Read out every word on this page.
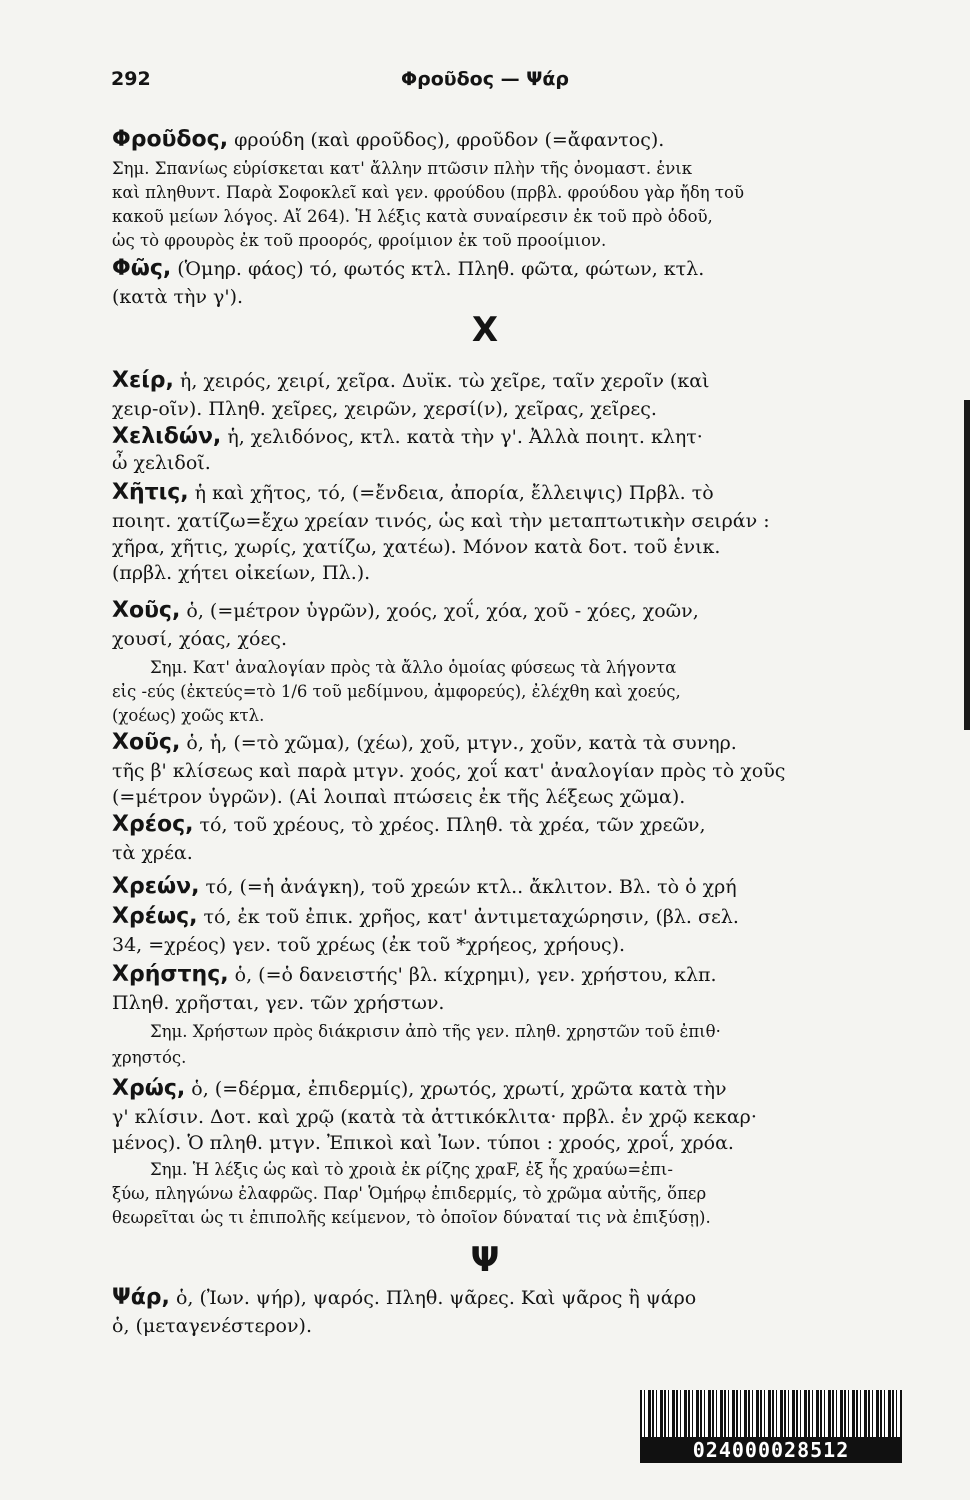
292	Φροῦδος — Ψάρ
X
Ψ
Φροῦδος, φρούδη (καὶ φροῦδος), φροῦδον (=ἄφαντος).
Σημ. Σπανίως εὑρίσκεται κατ' ἄλλην πτῶσιν πλὴν τῆς ὀνομαστ. ἑνικ
καὶ πληθυντ. Παρὰ Σοφοκλεῖ καὶ γεν. φρούδου (πρβλ. φρούδου γὰρ ἤδη τοῦ
κακοῦ μείων λόγος. Αἴ 264). Ἡ λέξις κατὰ συναίρεσιν ἐκ τοῦ πρὸ ὁδοῦ,
ὡς τὸ φρουρὸς ἐκ τοῦ προορός, φροίμιον ἐκ τοῦ προοίμιον.
Φῶς, (Ὁμηρ. φάος) τό, φωτός κτλ. Πληθ. φῶτα, φώτων, κτλ.
(κατὰ τὴν γ').
Χείρ, ἡ, χειρός, χειρί, χεῖρα. Δυϊκ. τὼ χεῖρε, ταῖν χεροῖν (καὶ
χειρ-οῖν). Πληθ. χεῖρες, χειρῶν, χερσί(ν), χεῖρας, χεῖρες.
Χελιδών, ἡ, χελιδόνος, κτλ. κατὰ τὴν γ'. Ἀλλὰ ποιητ. κλητ·
ὦ χελιδοῖ.
Χῆτις, ἡ καὶ χῆτος, τό, (=ἔνδεια, ἀπορία, ἔλλειψις) Πρβλ. τὸ
ποιητ. χατίζω=ἔχω χρείαν τινός, ὡς καὶ τὴν μεταπτωτικὴν σειράν :
χῆρα, χῆτις, χωρίς, χατίζω, χατέω). Μόνον κατὰ δοτ. τοῦ ἑνικ.
(πρβλ. χήτει οἰκείων, Πλ.).
Χοῦς, ὁ, (=μέτρον ὑγρῶν), χοός, χοΐ, χόα, χοῦ - χόες, χοῶν,
χουσί, χόας, χόες.
Σημ. Κατ' ἀναλογίαν πρὸς τὰ ἄλλο ὁμοίας φύσεως τὰ λήγοντα
εἰς -εύς (ἐκτεύς=τὸ 1/6 τοῦ μεδίμνου, ἀμφορεύς), ἐλέχθη καὶ χοεύς,
(χοέως) χοῶς κτλ.
Χοῦς, ὁ, ἡ, (=τὸ χῶμα), (χέω), χοῦ, μτγν., χοῦν, κατὰ τὰ συνηρ.
τῆς β' κλίσεως καὶ παρὰ μτγν. χοός, χοΐ κατ' ἀναλογίαν πρὸς τὸ χοῦς
(=μέτρον ὑγρῶν). (Αἱ λοιπαὶ πτώσεις ἐκ τῆς λέξεως χῶμα).
Χρέος, τό, τοῦ χρέους, τὸ χρέος. Πληθ. τὰ χρέα, τῶν χρεῶν,
τὰ χρέα.
Χρεών, τό, (=ἡ ἀνάγκη), τοῦ χρεών κτλ.. ἄκλιτον. Βλ. τὸ ὁ χρή
Χρέως, τό, ἐκ τοῦ ἐπικ. χρῆος, κατ' ἀντιμεταχώρησιν, (βλ. σελ.
34, =χρέος) γεν. τοῦ χρέως (ἐκ τοῦ *χρήεος, χρήους).
Χρήστης, ὁ, (=ὁ δανειστής' βλ. κίχρημι), γεν. χρήστου, κλπ.
Πληθ. χρῆσται, γεν. τῶν χρήστων.
Σημ. Χρήστων πρὸς διάκρισιν ἀπὸ τῆς γεν. πληθ. χρηστῶν τοῦ ἐπιθ·
χρηστός.
Χρώς, ὁ, (=δέρμα, ἐπιδερμίς), χρωτός, χρωτί, χρῶτα κατὰ τὴν
γ' κλίσιν. Δοτ. καὶ χρῷ (κατὰ τὰ ἀττικόκλιτα· πρβλ. ἐν χρῷ κεκαρ·
μένος). Ὁ πληθ. μτγν. Ἐπικοὶ καὶ Ἰων. τύποι : χροός, χροΐ, χρόα.
Σημ. Ἡ λέξις ὡς καὶ τὸ χροιὰ ἐκ ρίζης χραF, ἐξ ἧς χραύω=ἐπι-
ξύω, πληγώνω ἐλαφρῶς. Παρ' Ὁμήρῳ ἐπιδερμίς, τὸ χρῶμα αὐτῆς, ὅπερ
θεωρεῖται ὡς τι ἐπιπολῆς κείμενον, τὸ ὁποῖον δύναταί τις νὰ ἐπιξύσῃ).
Ψάρ, ὁ, (Ἰων. ψήρ), ψαρός. Πληθ. ψᾶρες. Καὶ ψᾶρος ἢ ψάρο
ὁ, (μεταγενέστερον).
024000028512
